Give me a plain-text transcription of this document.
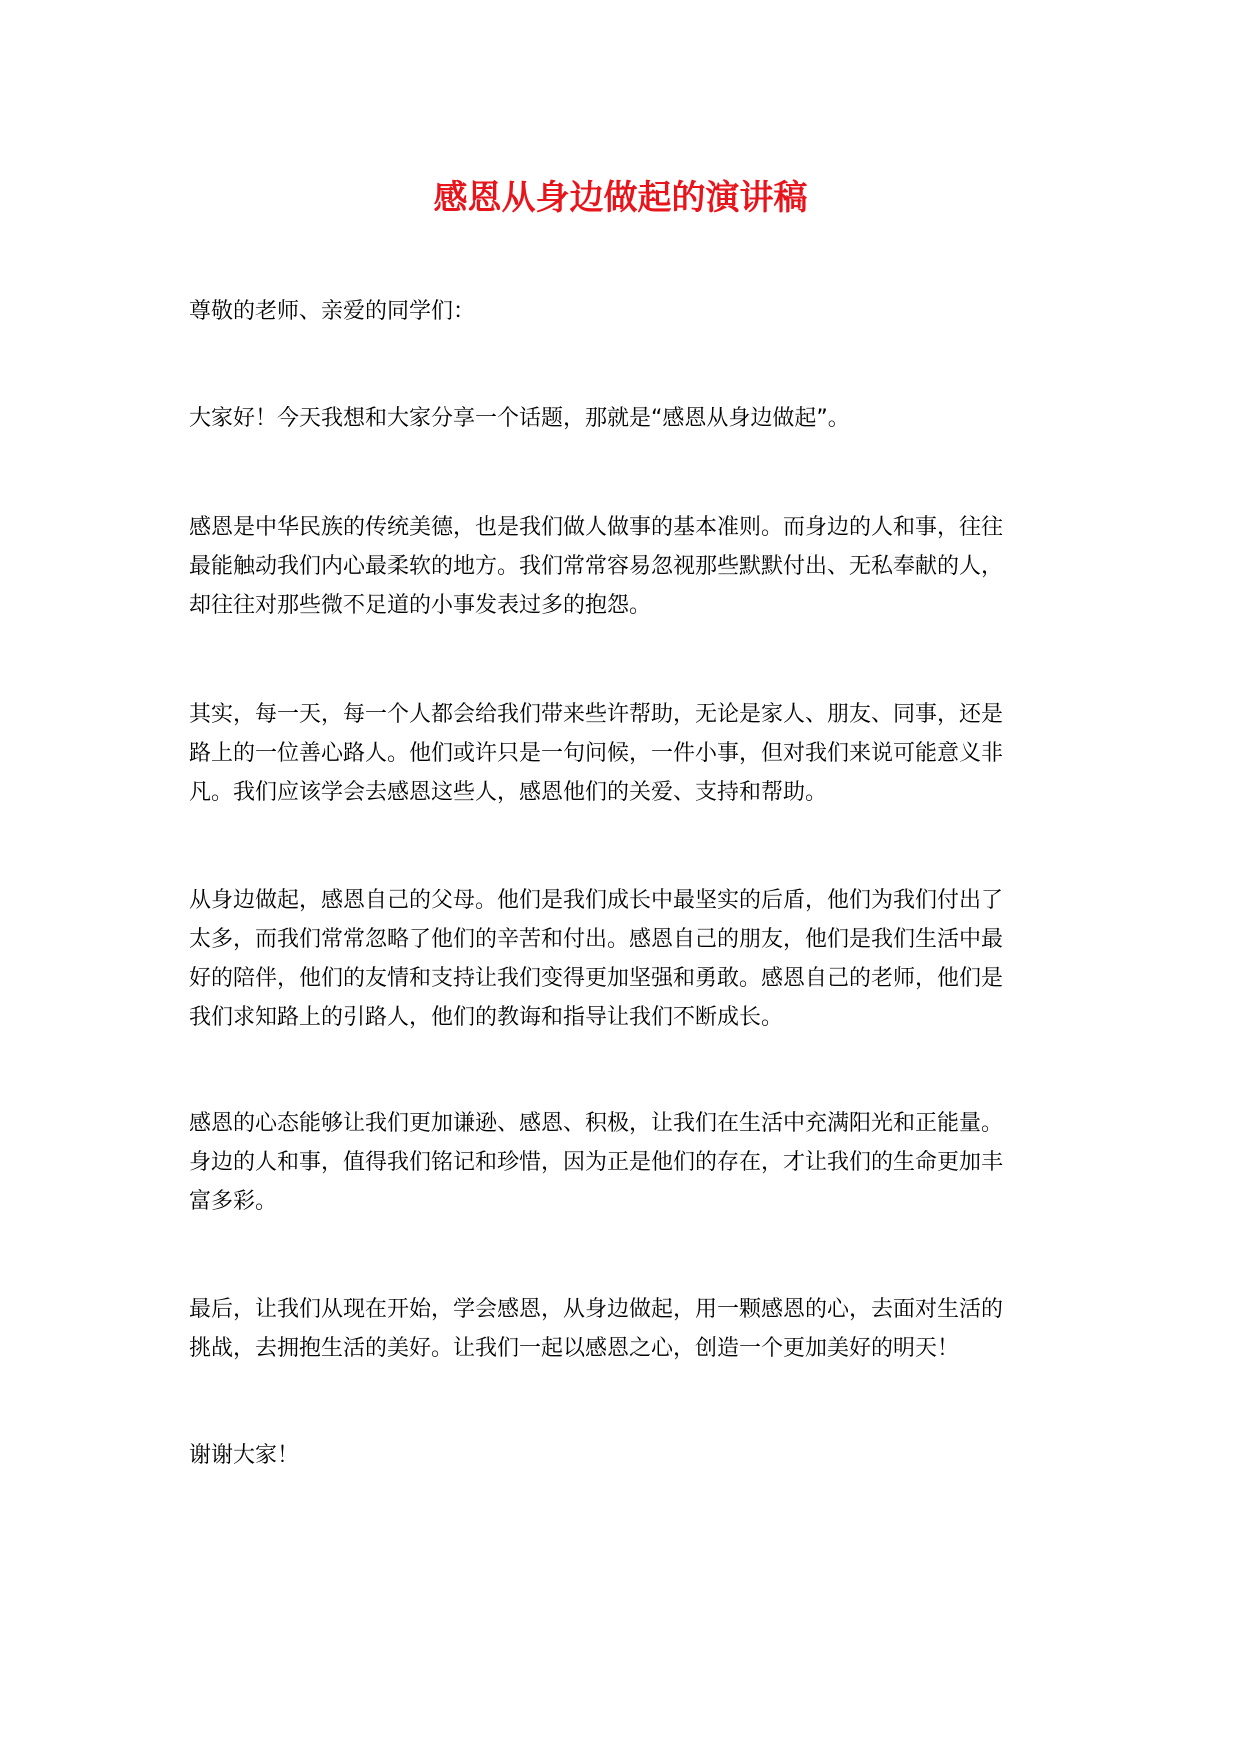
感恩从身边做起的演讲稿
尊敬的老师、亲爱的同学们：
大家好！今天我想和大家分享一个话题，那就是“感恩从身边做起”。
感恩是中华民族的传统美德，也是我们做人做事的基本准则。而身边的人和事，往往
最能触动我们内心最柔软的地方。我们常常容易忽视那些默默付出、无私奉献的人，
却往往对那些微不足道的小事发表过多的抱怨。
其实，每一天，每一个人都会给我们带来些许帮助，无论是家人、朋友、同事，还是
路上的一位善心路人。他们或许只是一句问候，一件小事，但对我们来说可能意义非
凡。我们应该学会去感恩这些人，感恩他们的关爱、支持和帮助。
从身边做起，感恩自己的父母。他们是我们成长中最坚实的后盾，他们为我们付出了
太多，而我们常常忽略了他们的辛苦和付出。感恩自己的朋友，他们是我们生活中最
好的陪伴，他们的友情和支持让我们变得更加坚强和勇敢。感恩自己的老师，他们是
我们求知路上的引路人，他们的教诲和指导让我们不断成长。
感恩的心态能够让我们更加谦逊、感恩、积极，让我们在生活中充满阳光和正能量。
身边的人和事，值得我们铭记和珍惜，因为正是他们的存在，才让我们的生命更加丰
富多彩。
最后，让我们从现在开始，学会感恩，从身边做起，用一颗感恩的心，去面对生活的
挑战，去拥抱生活的美好。让我们一起以感恩之心，创造一个更加美好的明天！
谢谢大家！
